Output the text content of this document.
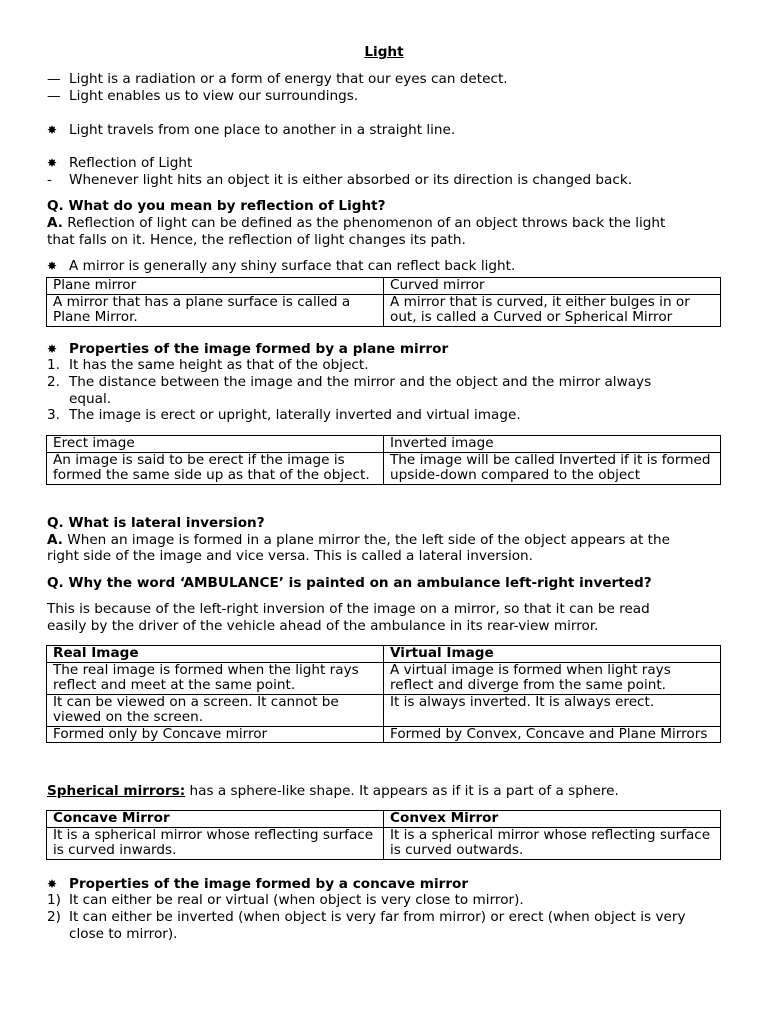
Light
— Light is a radiation or a form of energy that our eyes can detect.
— Light enables us to view our surroundings.
✸ Light travels from one place to another in a straight line.
✸ Reflection of Light
-	Whenever light hits an object it is either absorbed or its direction is changed back.
Q. What do you mean by reflection of Light?
A. Reflection of light can be defined as the phenomenon of an object throws back the light
that falls on it. Hence, the reflection of light changes its path.
✸ A mirror is generally any shiny surface that can reflect back light.
Plane mirror	Curved mirror
A mirror that has a plane surface is called a Plane Mirror.	A mirror that is curved, it either bulges in or out, is called a Curved or Spherical Mirror
✸ Properties of the image formed by a plane mirror
1. It has the same height as that of the object.
2. The distance between the image and the mirror and the object and the mirror always
equal.
3. The image is erect or upright, laterally inverted and virtual image.
Erect image	Inverted image
An image is said to be erect if the image is formed the same side up as that of the object.	The image will be called Inverted if it is formed upside-down compared to the object
Q. What is lateral inversion?
A. When an image is formed in a plane mirror the, the left side of the object appears at the
right side of the image and vice versa. This is called a lateral inversion.
Q. Why the word ‘AMBULANCE’ is painted on an ambulance left-right inverted?
This is because of the left-right inversion of the image on a mirror, so that it can be read
easily by the driver of the vehicle ahead of the ambulance in its rear-view mirror.
Real Image	Virtual Image
The real image is formed when the light rays reflect and meet at the same point.	A virtual image is formed when light rays reflect and diverge from the same point.
It can be viewed on a screen. It cannot be viewed on the screen.	It is always inverted. It is always erect.
Formed only by Concave mirror	Formed by Convex, Concave and Plane Mirrors
Spherical mirrors: has a sphere-like shape. It appears as if it is a part of a sphere.
Concave Mirror	Convex Mirror
It is a spherical mirror whose reflecting surface is curved inwards.	It is a spherical mirror whose reflecting surface is curved outwards.
✸ Properties of the image formed by a concave mirror
1) It can either be real or virtual (when object is very close to mirror).
2) It can either be inverted (when object is very far from mirror) or erect (when object is very
close to mirror).
